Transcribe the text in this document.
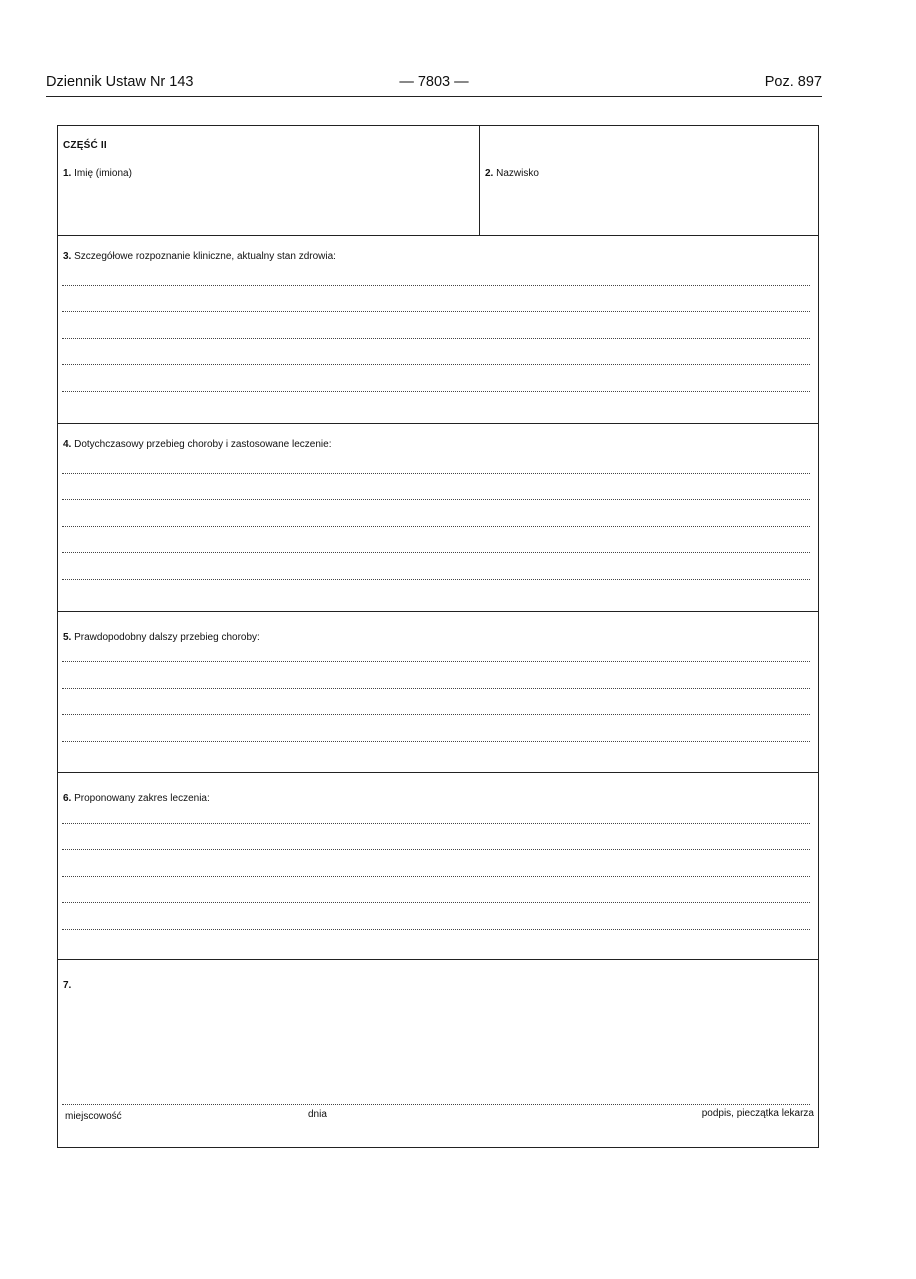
Dziennik Ustaw Nr 143	— 7803 —	Poz. 897
CZĘŚĆ II
1. Imię (imiona)	2. Nazwisko
3. Szczegółowe rozpoznanie kliniczne, aktualny stan zdrowia:
4. Dotychczasowy przebieg choroby i zastosowane leczenie:
5. Prawdopodobny dalszy przebieg choroby:
6. Proponowany zakres leczenia:
7.
miejscowość	dnia	podpis, pieczątka lekarza
